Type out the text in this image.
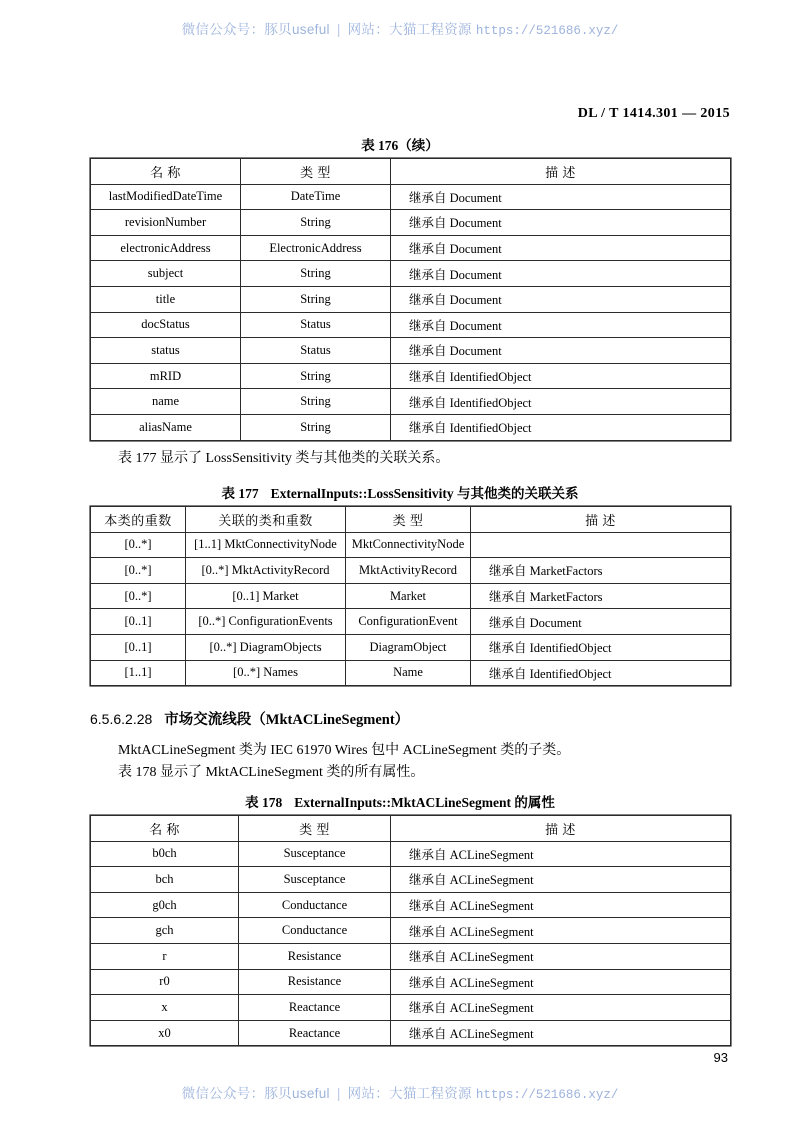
微信公众号：豚贝useful | 网站：大猫工程资源 https://521686.xyz/
DL / T 1414.301 — 2015
表 176（续）
名 称	类 型	描 述
lastModifiedDateTime	DateTime	继承自 Document
revisionNumber	String	继承自 Document
electronicAddress	ElectronicAddress	继承自 Document
subject	String	继承自 Document
title	String	继承自 Document
docStatus	Status	继承自 Document
status	Status	继承自 Document
mRID	String	继承自 IdentifiedObject
name	String	继承自 IdentifiedObject
aliasName	String	继承自 IdentifiedObject
表 177 显示了 LossSensitivity 类与其他类的关联关系。
表 177 ExternalInputs::LossSensitivity 与其他类的关联关系
本类的重数	关联的类和重数	类 型	描 述
[0..*]	[1..1] MktConnectivityNode	MktConnectivityNode	
[0..*]	[0..*] MktActivityRecord	MktActivityRecord	继承自 MarketFactors
[0..*]	[0..1] Market	Market	继承自 MarketFactors
[0..1]	[0..*] ConfigurationEvents	ConfigurationEvent	继承自 Document
[0..1]	[0..*] DiagramObjects	DiagramObject	继承自 IdentifiedObject
[1..1]	[0..*] Names	Name	继承自 IdentifiedObject
6.5.6.2.28 市场交流线段（MktACLineSegment）
MktACLineSegment 类为 IEC 61970 Wires 包中 ACLineSegment 类的子类。
表 178 显示了 MktACLineSegment 类的所有属性。
表 178 ExternalInputs::MktACLineSegment 的属性
名 称	类 型	描 述
b0ch	Susceptance	继承自 ACLineSegment
bch	Susceptance	继承自 ACLineSegment
g0ch	Conductance	继承自 ACLineSegment
gch	Conductance	继承自 ACLineSegment
r	Resistance	继承自 ACLineSegment
r0	Resistance	继承自 ACLineSegment
x	Reactance	继承自 ACLineSegment
x0	Reactance	继承自 ACLineSegment
93
微信公众号：豚贝useful | 网站：大猫工程资源 https://521686.xyz/
